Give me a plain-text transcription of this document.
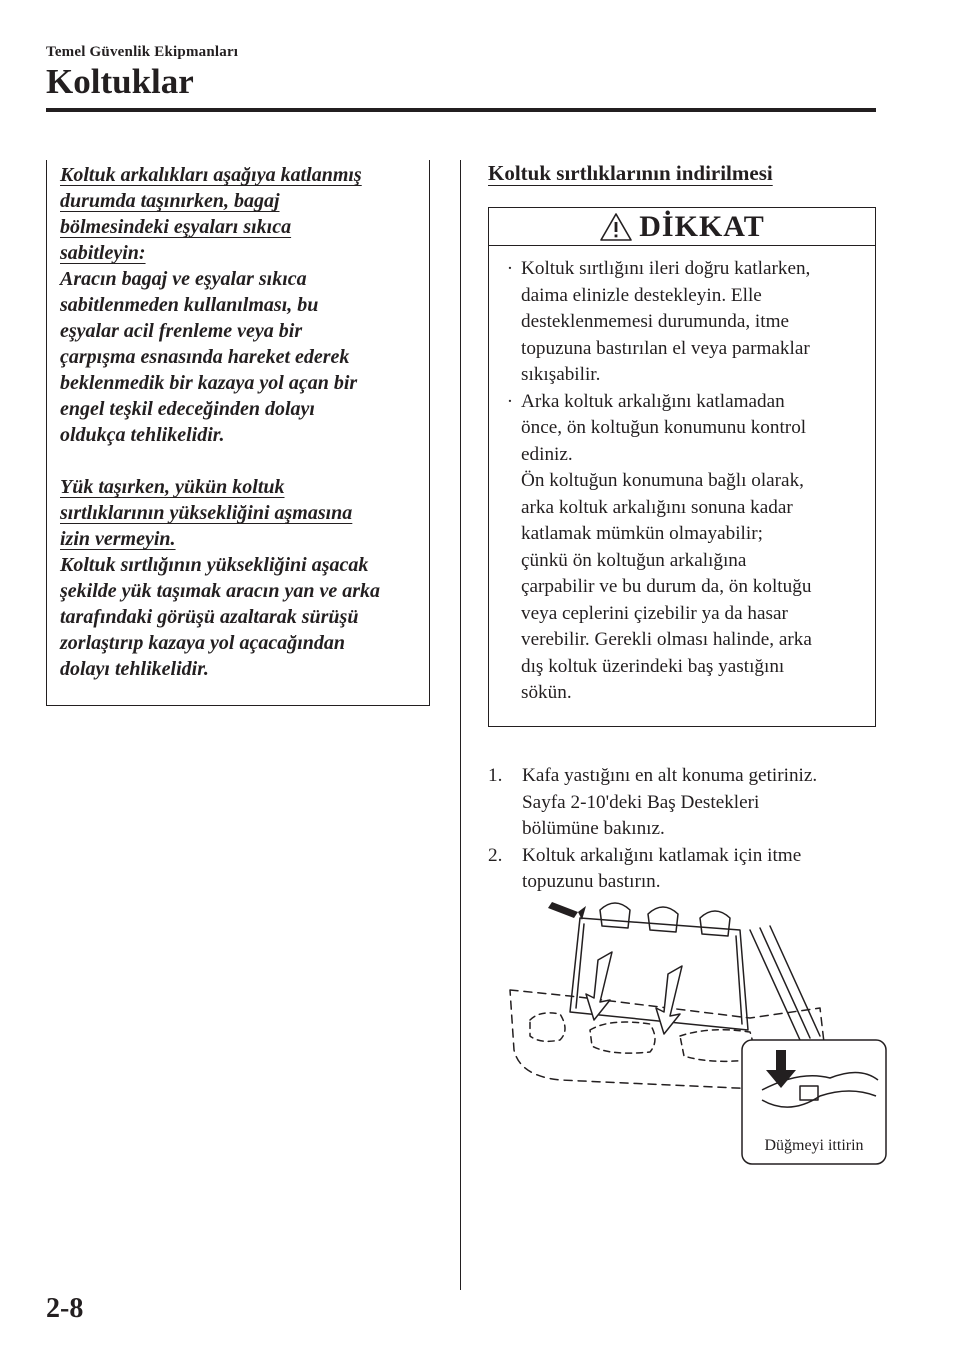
Temel Güvenlik Ekipmanları
Koltuklar

Koltuk arkalıkları aşağıya katlanmış

durumda taşınırken, bagaj

bölmesindeki eşyaları sıkıca

sabitleyin:

Aracın bagaj ve eşyalar sıkıca

sabitlenmeden kullanılması, bu

eşyalar acil frenleme veya bir

çarpışma esnasında hareket ederek

beklenmedik bir kazaya yol açan bir

engel teşkil edeceğinden dolayı

oldukça tehlikelidir.

Yük taşırken, yükün koltuk

sırtlıklarının yüksekliğini aşmasına

izin vermeyin.

Koltuk sırtlığının yüksekliğini aşacak

şekilde yük taşımak aracın yan ve arka

tarafındaki görüşü azaltarak sürüşü

zorlaştırıp kazaya yol açacağından

dolayı tehlikelidir.

Koltuk sırtlıklarının indirilmesi
DİKKAT
· Koltuk sırtlığını ileri doğru katlarken,

daima elinizle destekleyin. Elle

desteklenmemesi durumunda, itme

topuzuna bastırılan el veya parmaklar

sıkışabilir.

· Arka koltuk arkalığını katlamadan

önce, ön koltuğun konumunu kontrol

ediniz.

Ön koltuğun konumuna bağlı olarak,

arka koltuk arkalığını sonuna kadar

katlamak mümkün olmayabilir;

çünkü ön koltuğun arkalığına

çarpabilir ve bu durum da, ön koltuğu

veya ceplerini çizebilir ya da hasar

verebilir. Gerekli olması halinde, arka

dış koltuk üzerindeki baş yastığını

sökün.

1.	Kafa yastığını en alt konuma getiriniz.
Sayfa 2-10'deki Baş Destekleri
bölümüne bakınız.
2.	Koltuk arkalığını katlamak için itme
topuzunu bastırın.
Düğmeyi ittirin
2-8
